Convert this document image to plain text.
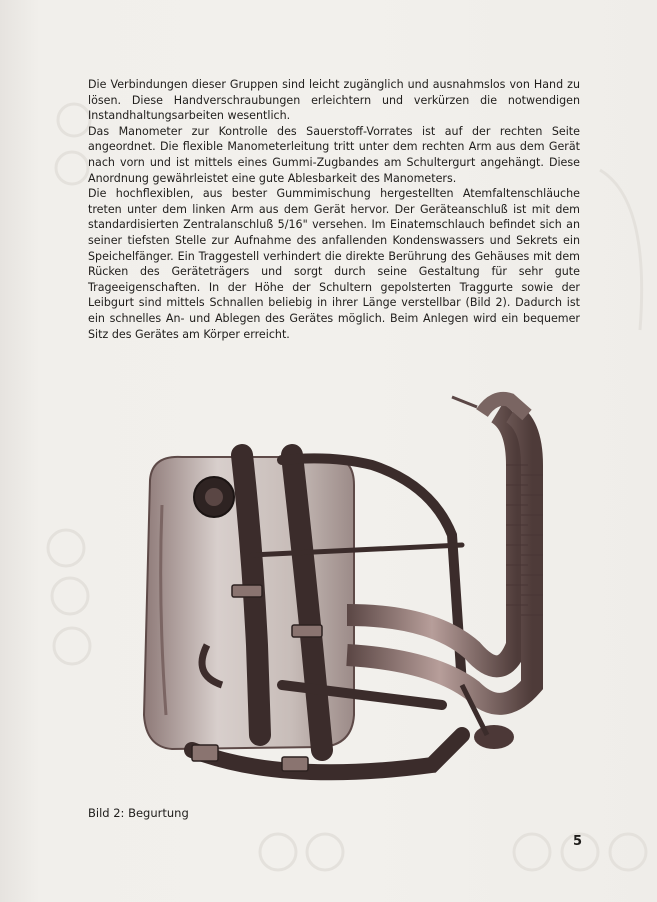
Die Verbindungen dieser Gruppen sind leicht zugänglich und ausnahmslos von Hand zu lösen. Diese Handverschraubungen erleichtern und verkürzen die notwendigen Instandhaltungsarbeiten wesentlich.

Das Manometer zur Kontrolle des Sauerstoff-Vorrates ist auf der rechten Seite angeordnet. Die flexible Manometerleitung tritt unter dem rechten Arm aus dem Gerät nach vorn und ist mittels eines Gummi-Zugbandes am Schultergurt angehängt. Diese Anordnung gewährleistet eine gute Ablesbarkeit des Manometers.

Die hochflexiblen, aus bester Gummimischung hergestellten Atemfaltenschläuche treten unter dem linken Arm aus dem Gerät hervor. Der Geräteanschluß ist mit dem standardisierten Zentralanschluß 5/16" versehen. Im Einatemschlauch befindet sich an seiner tiefsten Stelle zur Aufnahme des anfallenden Kondenswassers und Sekrets ein Speichelfänger. Ein Traggestell verhindert die direkte Berührung des Gehäuses mit dem Rücken des Geräteträgers und sorgt durch seine Gestaltung für sehr gute Trageeigenschaften. In der Höhe der Schultern gepolsterten Traggurte sowie der Leibgurt sind mittels Schnallen beliebig in ihrer Länge verstellbar (Bild 2). Dadurch ist ein schnelles An- und Ablegen des Gerätes möglich. Beim Anlegen wird ein bequemer Sitz des Gerätes am Körper erreicht.

Bild 2: Begurtung
5
